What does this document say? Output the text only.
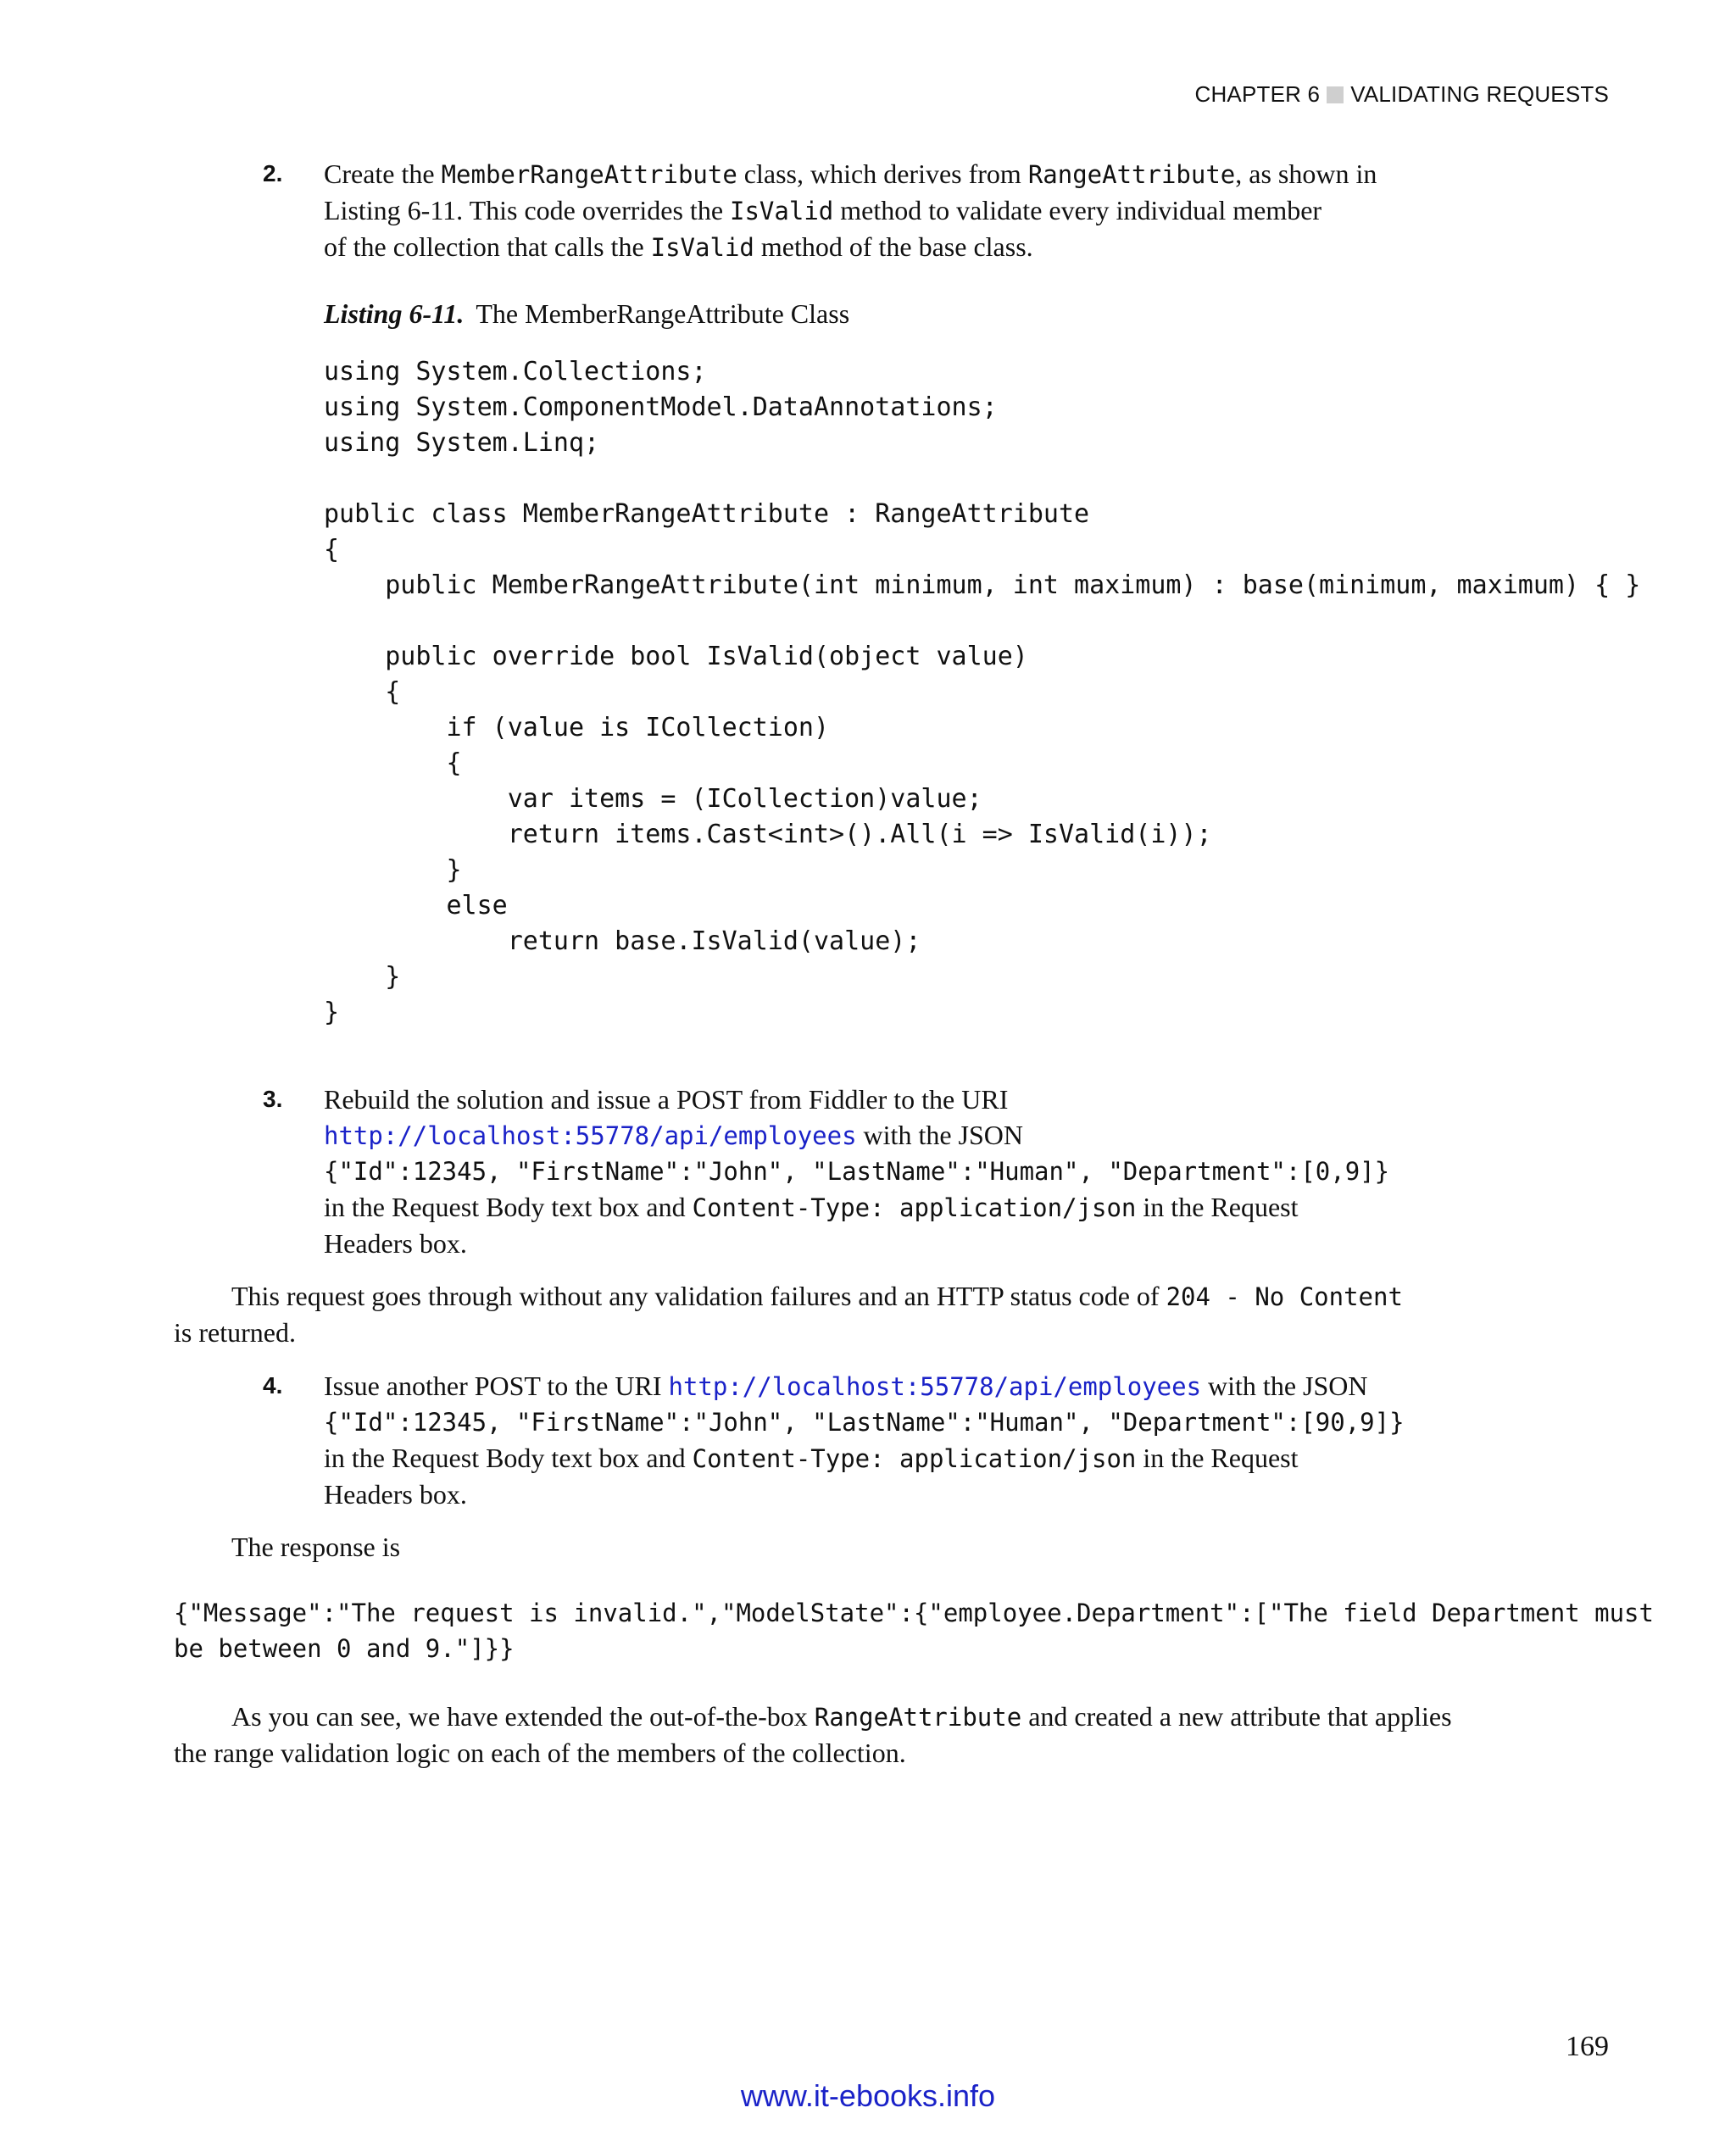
CHAPTER 6 VALIDATING REQUESTS
2. Create the MemberRangeAttribute class, which derives from RangeAttribute, as shown in
Listing 6-11. This code overrides the IsValid method to validate every individual member
of the collection that calls the IsValid method of the base class.
Listing 6-11. The MemberRangeAttribute Class
using System.Collections;
using System.ComponentModel.DataAnnotations;
using System.Linq;

public class MemberRangeAttribute : RangeAttribute
{
public MemberRangeAttribute(int minimum, int maximum) : base(minimum, maximum) { }

public override bool IsValid(object value)
{
if (value is ICollection)
{
var items = (ICollection)value;
return items.Cast<int>().All(i => IsValid(i));
}
else
return base.IsValid(value);
}
}
3. Rebuild the solution and issue a POST from Fiddler to the URI
http://localhost:55778/api/employees with the JSON
{"Id":12345, "FirstName":"John", "LastName":"Human", "Department":[0,9]}
in the Request Body text box and Content-Type: application/json in the Request
Headers box.
This request goes through without any validation failures and an HTTP status code of 204 - No Content
is returned.
4. Issue another POST to the URI http://localhost:55778/api/employees with the JSON
{"Id":12345, "FirstName":"John", "LastName":"Human", "Department":[90,9]}
in the Request Body text box and Content-Type: application/json in the Request
Headers box.
The response is
{"Message":"The request is invalid.","ModelState":{"employee.Department":["The field Department must
be between 0 and 9."]}}
As you can see, we have extended the out-of-the-box RangeAttribute and created a new attribute that applies
the range validation logic on each of the members of the collection.
169
www.it-ebooks.info
